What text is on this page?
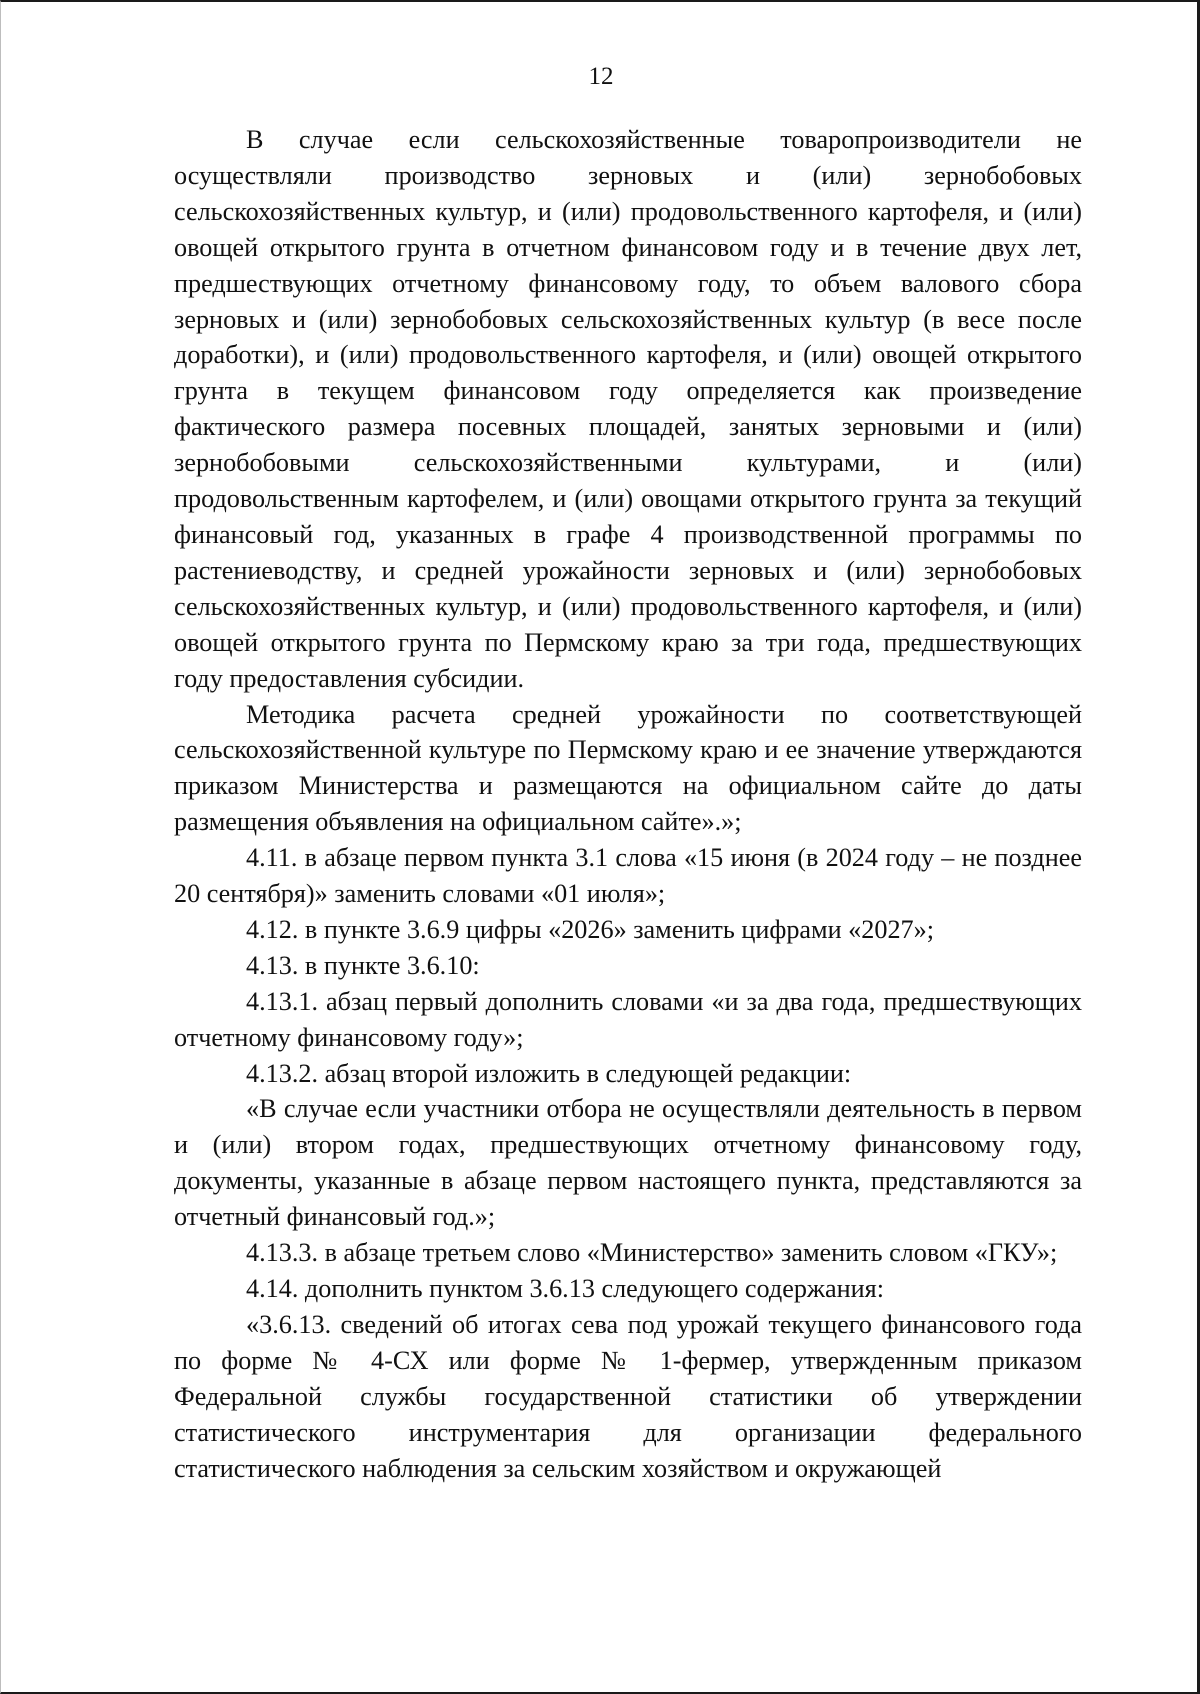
12

В случае если сельскохозяйственные товаропроизводители не осуществляли производство зерновых и (или) зернобобовых сельскохозяйственных культур, и (или) продовольственного картофеля, и (или) овощей открытого грунта в отчетном финансовом году и в течение двух лет, предшествующих отчетному финансовому году, то объем валового сбора зерновых и (или) зернобобовых сельскохозяйственных культур (в весе после доработки), и (или) продовольственного картофеля, и (или) овощей открытого грунта в текущем финансовом году определяется как произведение фактического размера посевных площадей, занятых зерновыми и (или) зернобобовыми сельскохозяйственными культурами, и (или) продовольственным картофелем, и (или) овощами открытого грунта за текущий финансовый год, указанных в графе 4 производственной программы по растениеводству, и средней урожайности зерновых и (или) зернобобовых сельскохозяйственных культур, и (или) продовольственного картофеля, и (или) овощей открытого грунта по Пермскому краю за три года, предшествующих году предоставления субсидии.

Методика расчета средней урожайности по соответствующей сельскохозяйственной культуре по Пермскому краю и ее значение утверждаются приказом Министерства и размещаются на официальном сайте до даты размещения объявления на официальном сайте».»;

4.11. в абзаце первом пункта 3.1 слова «15 июня (в 2024 году – не позднее 20 сентября)» заменить словами «01 июля»;

4.12. в пункте 3.6.9 цифры «2026» заменить цифрами «2027»;

4.13. в пункте 3.6.10:

4.13.1. абзац первый дополнить словами «и за два года, предшествующих отчетному финансовому году»;

4.13.2. абзац второй изложить в следующей редакции:

«В случае если участники отбора не осуществляли деятельность в первом и (или) втором годах, предшествующих отчетному финансовому году, документы, указанные в абзаце первом настоящего пункта, представляются за отчетный финансовый год.»;

4.13.3. в абзаце третьем слово «Министерство» заменить словом «ГКУ»;

4.14. дополнить пунктом 3.6.13 следующего содержания:

«3.6.13. сведений об итогах сева под урожай текущего финансового года по форме № 4-СХ или форме № 1-фермер, утвержденным приказом Федеральной службы государственной статистики об утверждении статистического инструментария для организации федерального статистического наблюдения за сельским хозяйством и окружающей
